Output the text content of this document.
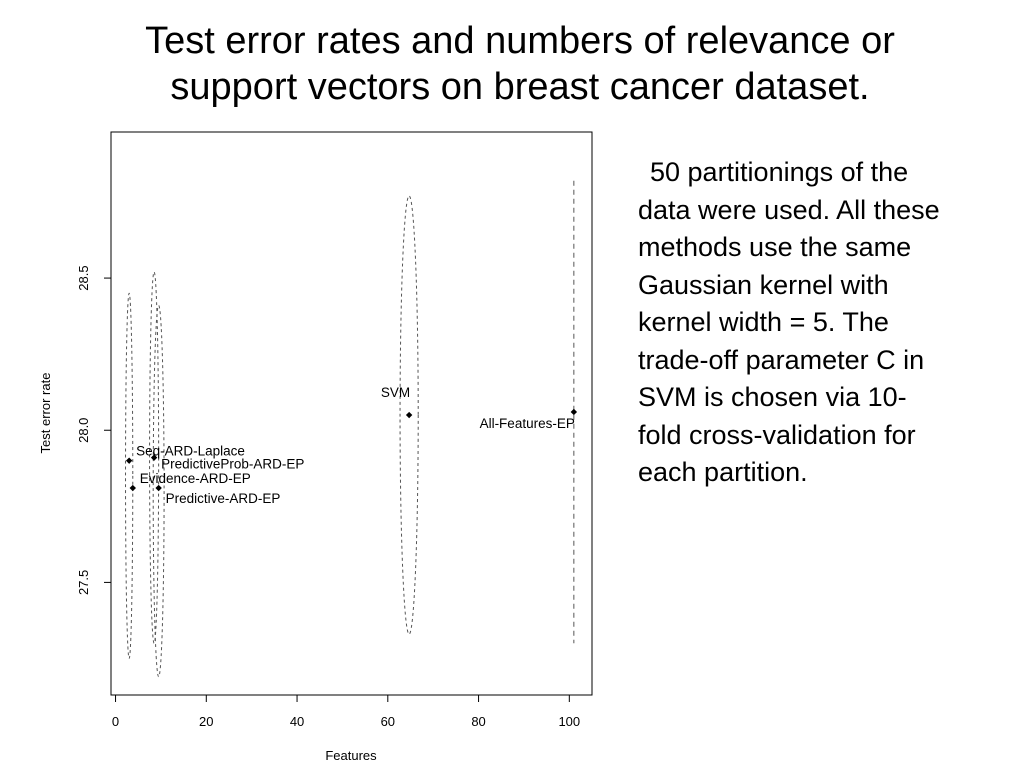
Test error rates and numbers of relevance or
support vectors on breast cancer dataset.
Seq-ARD-Laplace
Evidence-ARD-EP
PredictiveProb-ARD-EP
Predictive-ARD-EP
SVM
All-Features-EP
0	20	40	60	80	100
27.5
28.0
28.5
Features
Test error rate
50 partitionings of the
data were used. All these
methods use the same
Gaussian kernel with
kernel width = 5. The
trade-off parameter C in
SVM is chosen via 10-
fold cross-validation for
each partition.
